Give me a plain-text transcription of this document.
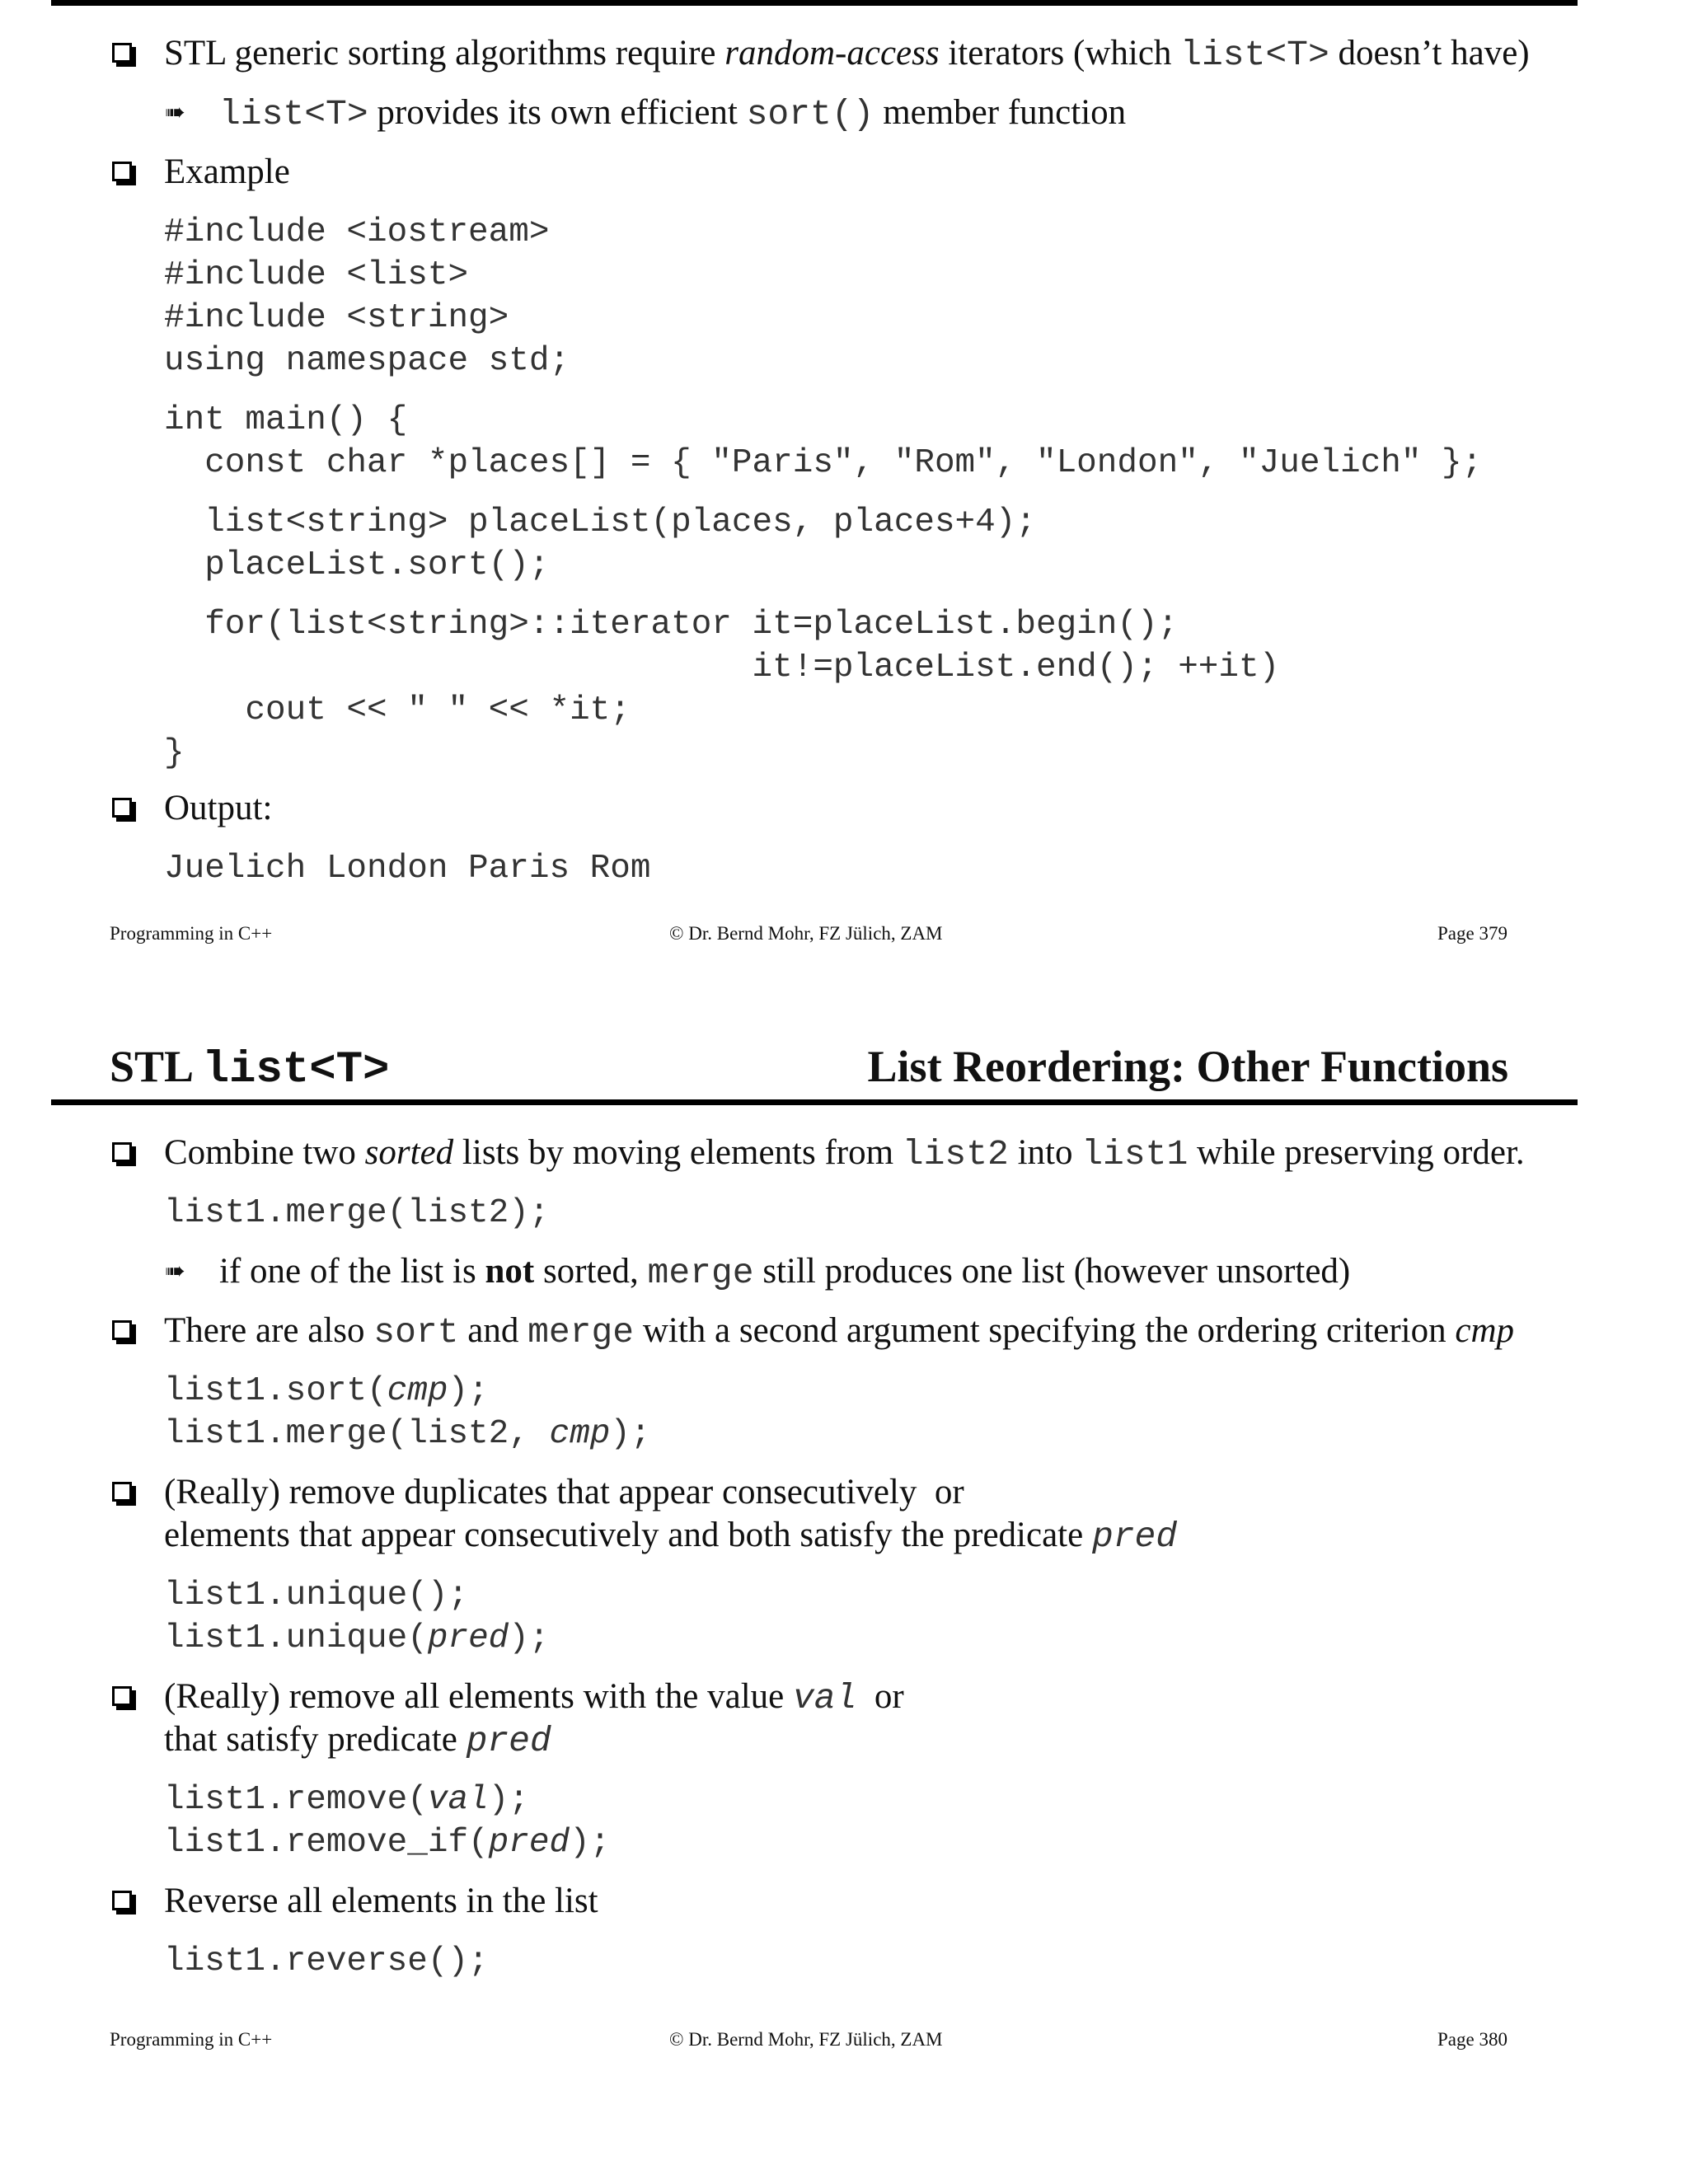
STL generic sorting algorithms require random-access iterators (which list<T> doesn’t have)
➠ list<T> provides its own efficient sort() member function
Example
#include <iostream>
#include <list>
#include <string>
using namespace std;
int main() {
const char *places[] = { "Paris", "Rom", "London", "Juelich" };
list<string> placeList(places, places+4);
placeList.sort();
for(list<string>::iterator it=placeList.begin();
it!=placeList.end(); ++it)
cout << " " << *it;
}
Output:
Juelich London Paris Rom
Programming in C++	© Dr. Bernd Mohr, FZ Jülich, ZAM	Page 379
STL list<T>	List Reordering: Other Functions
Combine two sorted lists by moving elements from list2 into list1 while preserving order.
list1.merge(list2);
➠ if one of the list is not sorted, merge still produces one list (however unsorted)
There are also sort and merge with a second argument specifying the ordering criterion cmp
list1.sort(cmp);
list1.merge(list2, cmp);
(Really) remove duplicates that appear consecutively  or
elements that appear consecutively and both satisfy the predicate pred
list1.unique();
list1.unique(pred);
(Really) remove all elements with the value val  or
that satisfy predicate pred
list1.remove(val);
list1.remove_if(pred);
Reverse all elements in the list
list1.reverse();
Programming in C++	© Dr. Bernd Mohr, FZ Jülich, ZAM	Page 380
